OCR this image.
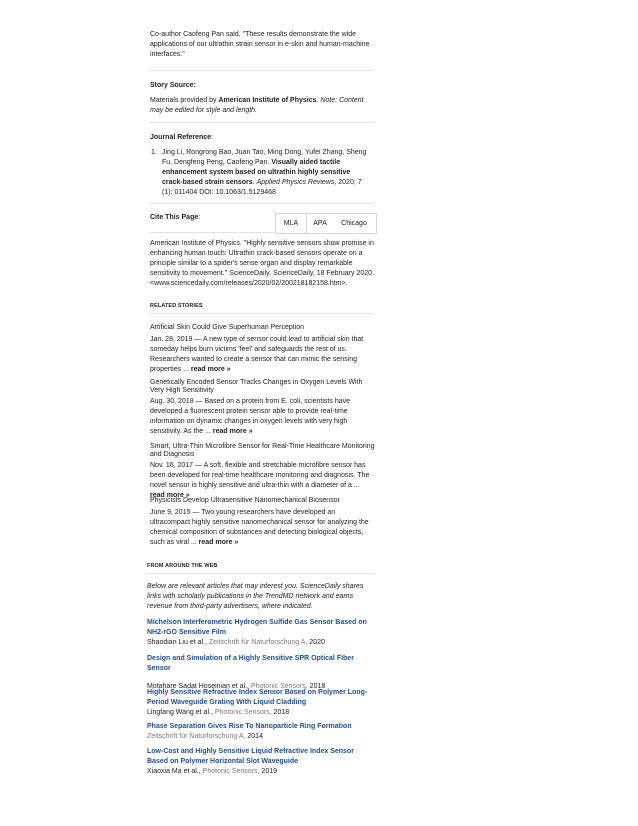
Co-author Caofeng Pan said, "These results demonstrate the wide applications of our ultrathin strain sensor in e-skin and human-machine interfaces."
Story Source:
Materials provided by American Institute of Physics. Note: Content may be edited for style and length.
Journal Reference:
1. Jing Li, Rongrong Bao, Juan Tao, Ming Dong, Yufei Zhang, Sheng Fu, Dengfeng Peng, Caofeng Pan. Visually aided tactile enhancement system based on ultrathin highly sensitive crack-based strain sensors. Applied Physics Reviews, 2020; 7 (1): 011404 DOI: 10.1063/1.5129468
Cite This Page:
MLA	APA	Chicago
American Institute of Physics. "Highly sensitive sensors show promise in enhancing human touch: Ultrathin crack-based sensors operate on a principle similar to a spider's sense organ and display remarkable sensitivity to movement." ScienceDaily. ScienceDaily, 18 February 2020. <www.sciencedaily.com/releases/2020/02/200218182158.htm>.
RELATED STORIES
Artificial Skin Could Give Superhuman Perception
Jan. 28, 2019 — A new type of sensor could lead to artificial skin that someday helps burn victims 'feel' and safeguards the rest of us. Researchers wanted to create a sensor that can mimic the sensing properties ... read more »
Genetically Encoded Sensor Tracks Changes in Oxygen Levels With Very High Sensitivity
Aug. 30, 2018 — Based on a protein from E. coli, scientists have developed a fluorescent protein sensor able to provide real-time information on dynamic changes in oxygen levels with very high sensitivity. As the ... read more »
Smart, Ultra-Thin Microfibre Sensor for Real-Time Healthcare Monitoring and Diagnosis
Nov. 16, 2017 — A soft, flexible and stretchable microfibre sensor has been developed for real-time healthcare monitoring and diagnosis. The novel sensor is highly sensitive and ultra-thin with a diameter of a ... read more »
Physicists Develop Ultrasensitive Nanomechanical Biosensor
June 9, 2015 — Two young researchers have developed an ultracompact highly sensitive nanomechanical sensor for analyzing the chemical composition of substances and detecting biological objects, such as viral ... read more »
FROM AROUND THE WEB
Below are relevant articles that may interest you. ScienceDaily shares links with scholarly publications in the TrendMD network and earns revenue from third-party advertisers, where indicated.
Michelson Interferometric Hydrogen Sulfide Gas Sensor Based on NH2-rGO Sensitive Film
Shaodian Liu et al., Zeitschrift für Naturforschung A, 2020
Design and Simulation of a Highly Sensitive SPR Optical Fiber Sensor
Motahare Sadat Hoseinian et al., Photonic Sensors, 2018
Highly Sensitive Refractive Index Sensor Based on Polymer Long-Period Waveguide Grating With Liquid Cladding
Lingfang Wang et al., Photonic Sensors, 2018
Phase Separation Gives Rise To Nanoparticle Ring Formation
Zeitschrift für Naturforschung A, 2014
Low-Cost and Highly Sensitive Liquid Refractive Index Sensor Based on Polymer Horizontal Slot Waveguide
Xiaoxia Ma et al., Photonic Sensors, 2019
